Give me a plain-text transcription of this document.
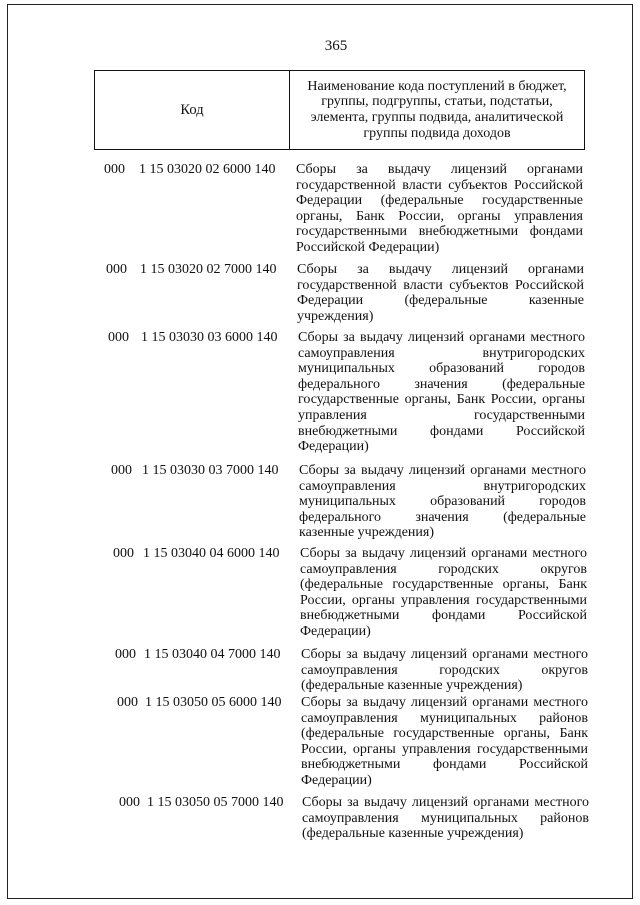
365
Код
Наименование кода поступлений в бюджет,
группы, подгруппы, статьи, подстатьи,
элемента, группы подвида, аналитической
группы подвида доходов
000 1 15 03020 02 6000 140 Сборы за выдачу лицензий органами
государственной власти субъектов Российской
Федерации (федеральные государственные
органы, Банк России, органы управления
государственными внебюджетными фондами
Российской Федерации)
000 1 15 03020 02 7000 140 Сборы за выдачу лицензий органами
государственной власти субъектов Российской
Федерации (федеральные казенные
учреждения)
000 1 15 03030 03 6000 140 Сборы за выдачу лицензий органами местного
самоуправления внутригородских
муниципальных образований городов
федерального значения (федеральные
государственные органы, Банк России, органы
управления государственными
внебюджетными фондами Российской
Федерации)
000 1 15 03030 03 7000 140 Сборы за выдачу лицензий органами местного
самоуправления внутригородских
муниципальных образований городов
федерального значения (федеральные
казенные учреждения)
000 1 15 03040 04 6000 140 Сборы за выдачу лицензий органами местного
самоуправления городских округов
(федеральные государственные органы, Банк
России, органы управления государственными
внебюджетными фондами Российской
Федерации)
000 1 15 03040 04 7000 140 Сборы за выдачу лицензий органами местного
самоуправления городских округов
(федеральные казенные учреждения)
000 1 15 03050 05 6000 140 Сборы за выдачу лицензий органами местного
самоуправления муниципальных районов
(федеральные государственные органы, Банк
России, органы управления государственными
внебюджетными фондами Российской
Федерации)
000 1 15 03050 05 7000 140 Сборы за выдачу лицензий органами местного
самоуправления муниципальных районов
(федеральные казенные учреждения)
